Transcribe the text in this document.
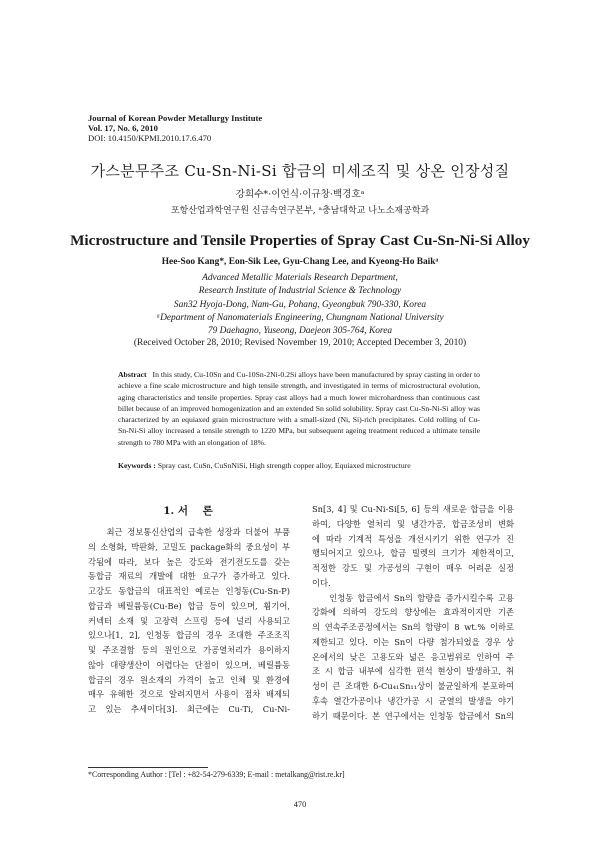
Journal of Korean Powder Metallurgy Institute
Vol. 17, No. 6, 2010
DOI: 10.4150/KPMI.2010.17.6.470
가스분무주조 Cu-Sn-Ni-Si 합금의 미세조직 및 상온 인장성질
강희수*·이언식·이규창·백경호ᵃ
포항산업과학연구원 신금속연구본부, ᵃ충남대학교 나노소재공학과
Microstructure and Tensile Properties of Spray Cast Cu-Sn-Ni-Si Alloy
Hee-Soo Kang*, Eon-Sik Lee, Gyu-Chang Lee, and Kyeong-Ho Baikᵃ
Advanced Metallic Materials Research Department,
Research Institute of Industrial Science & Technology
San32 Hyoja-Dong, Nam-Gu, Pohang, Gyeongbuk 790-330, Korea
ᵃDepartment of Nanomaterials Engineering, Chungnam National University
79 Daehagno, Yuseong, Daejeon 305-764, Korea
(Received October 28, 2010; Revised November 19, 2010; Accepted December 3, 2010)
Abstract In this study, Cu-10Sn and Cu-10Sn-2Ni-0.2Si alloys have been manufactured by spray casting in order to achieve a fine scale microstructure and high tensile strength, and investigated in terms of microstructural evolution, aging characteristics and tensile properties. Spray cast alloys had a much lower microhardness than continuous cast billet because of an improved homogenization and an extended Sn solid solubility. Spray cast Cu-Sn-Ni-Si alloy was characterized by an equiaxed grain microstructure with a small-sized (Ni, Si)-rich precipitates. Cold rolling of Cu-Sn-Ni-Si alloy increased a tensile strength to 1220 MPa, but subsequent ageing treatment reduced a ultimate tensile strength to 780 MPa with an elongation of 18%.
Keywords : Spray cast, CuSn, CuSnNiSi, High strength copper alloy, Equiaxed microstructure
1. 서    론

최근 정보통신산업의 급속한 성장과 더불어 부품

의 소형화, 박판화, 고밀도 package화의 중요성이 부

각됨에 따라, 보다 높은 강도와 전기전도도를 갖는

동합금 재료의 개발에 대한 요구가 증가하고 있다.

고강도 동합금의 대표적인 예로는 인청동(Cu-Sn-P)

합금과 베릴륨동(Cu-Be) 합금 등이 있으며, 휨기어,

커넥터 소재 및 고장력 스프링 등에 널리 사용되고

있으나[1, 2], 인청동 합금의 경우 조대한 주조조직

및 주조결함 등의 원인으로 가공열처리가 용이하지

않아 대량생산이 어렵다는 단점이 있으며, 베릴륨동

합금의 경우 원소재의 가격이 높고 인체 및 환경에

매우 유해한 것으로 알려지면서 사용이 점차 배제되

고 있는 추세이다[3]. 최근에는 Cu-Ti, Cu-Ni-

Sn[3, 4] 및 Cu-Ni-Si[5, 6] 등의 새로운 합금을 이용

하여, 다양한 열처리 및 냉간가공, 합금조성비 변화

에 따라 기계적 특성을 개선시키기 위한 연구가 진

행되어지고 있으나, 합금 빌렛의 크기가 제한적이고,

적정한 강도 및 가공성의 구현이 매우 어려운 실정

이다.

인청동 합금에서 Sn의 함량을 증가시킬수록 고용

강화에 의하여 강도의 향상에는 효과적이지만 기존

의 연속주조공정에서는 Sn의 함량이 8 wt.% 이하로

제한되고 있다. 이는 Sn이 다량 첨가되었을 경우 상

온에서의 낮은 고용도와 넓은 응고범위로 인하여 주

조 시 합금 내부에 심각한 편석 현상이 발생하고, 취

성이 큰 조대한 δ-Cu₄₁Sn₁₁상이 불균일하게 분포하여

후속 열간가공이나 냉간가공 시 균열의 발생을 야기

하기 때문이다. 본 연구에서는 인청동 합금에서 Sn의

*Corresponding Author : [Tel : +82-54-279-6339; E-mail : metalkang@rist.re.kr]
470
